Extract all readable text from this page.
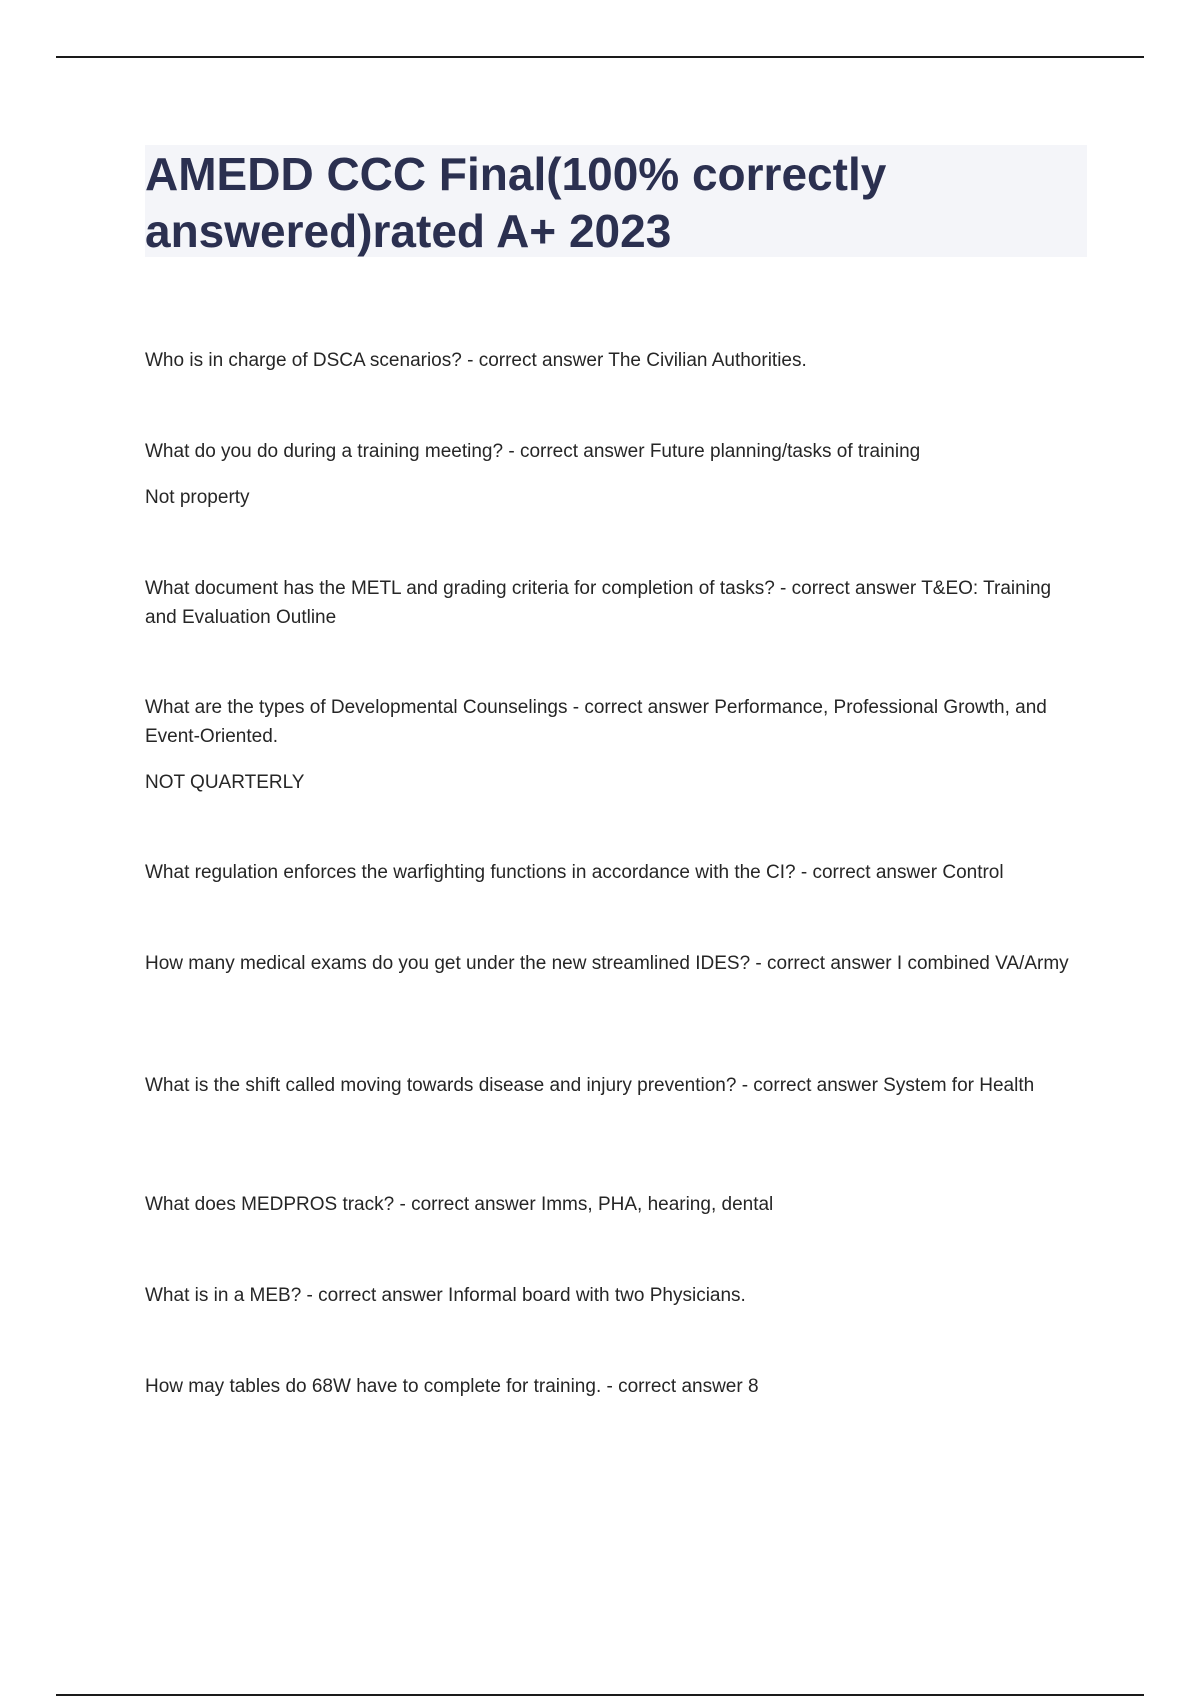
AMEDD CCC Final(100% correctly answered)rated A+ 2023

Who is in charge of DSCA scenarios? - correct answer The Civilian Authorities.

What do you do during a training meeting? - correct answer Future planning/tasks of training

Not property

What document has the METL and grading criteria for completion of tasks? - correct answer T&EO: Training and Evaluation Outline

What are the types of Developmental Counselings - correct answer Performance, Professional Growth, and Event-Oriented.

NOT QUARTERLY

What regulation enforces the warfighting functions in accordance with the CI? - correct answer Control

How many medical exams do you get under the new streamlined IDES? - correct answer I combined VA/Army

What is the shift called moving towards disease and injury prevention? - correct answer System for Health

What does MEDPROS track? - correct answer Imms, PHA, hearing, dental

What is in a MEB? - correct answer Informal board with two Physicians.

How may tables do 68W have to complete for training. - correct answer 8
